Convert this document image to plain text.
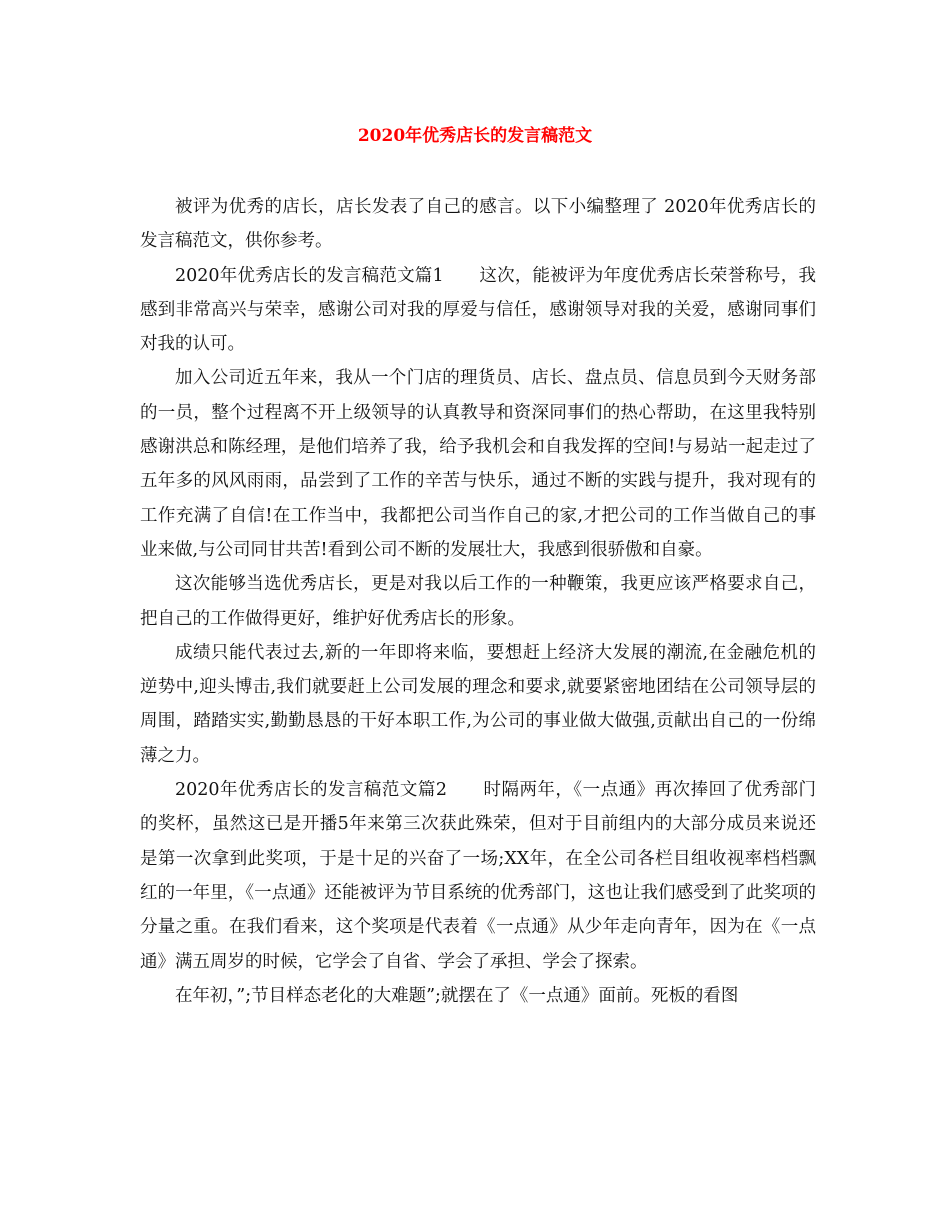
2020年优秀店长的发言稿范文

被评为优秀的店长，店长发表了自己的感言。以下小编整理了 2020年优秀店长的发言稿范文，供你参考。

2020年优秀店长的发言稿范文篇1　　这次，能被评为年度优秀店长荣誉称号，我感到非常高兴与荣幸，感谢公司对我的厚爱与信任，感谢领导对我的关爱，感谢同事们对我的认可。

加入公司近五年来，我从一个门店的理货员、店长、盘点员、信息员到今天财务部的一员，整个过程离不开上级领导的认真教导和资深同事们的热心帮助，在这里我特别感谢洪总和陈经理，是他们培养了我，给予我机会和自我发挥的空间!与易站一起走过了五年多的风风雨雨，品尝到了工作的辛苦与快乐，通过不断的实践与提升，我对现有的工作充满了自信!在工作当中，我都把公司当作自己的家,才把公司的工作当做自己的事业来做,与公司同甘共苦!看到公司不断的发展壮大，我感到很骄傲和自豪。

这次能够当选优秀店长，更是对我以后工作的一种鞭策，我更应该严格要求自己，把自己的工作做得更好，维护好优秀店长的形象。

成绩只能代表过去,新的一年即将来临，要想赶上经济大发展的潮流,在金融危机的逆势中,迎头博击,我们就要赶上公司发展的理念和要求,就要紧密地团结在公司领导层的周围，踏踏实实,勤勤恳恳的干好本职工作,为公司的事业做大做强,贡献出自己的一份绵薄之力。

2020年优秀店长的发言稿范文篇2　　时隔两年，《一点通》再次捧回了优秀部门的奖杯，虽然这已是开播5年来第三次获此殊荣，但对于目前组内的大部分成员来说还是第一次拿到此奖项，于是十足的兴奋了一场;XX年，在全公司各栏目组收视率档档飘红的一年里，《一点通》还能被评为节目系统的优秀部门，这也让我们感受到了此奖项的分量之重。在我们看来，这个奖项是代表着《一点通》从少年走向青年，因为在《一点通》满五周岁的时候，它学会了自省、学会了承担、学会了探索。

在年初，”;节目样态老化的大难题”;就摆在了《一点通》面前。死板的看图
